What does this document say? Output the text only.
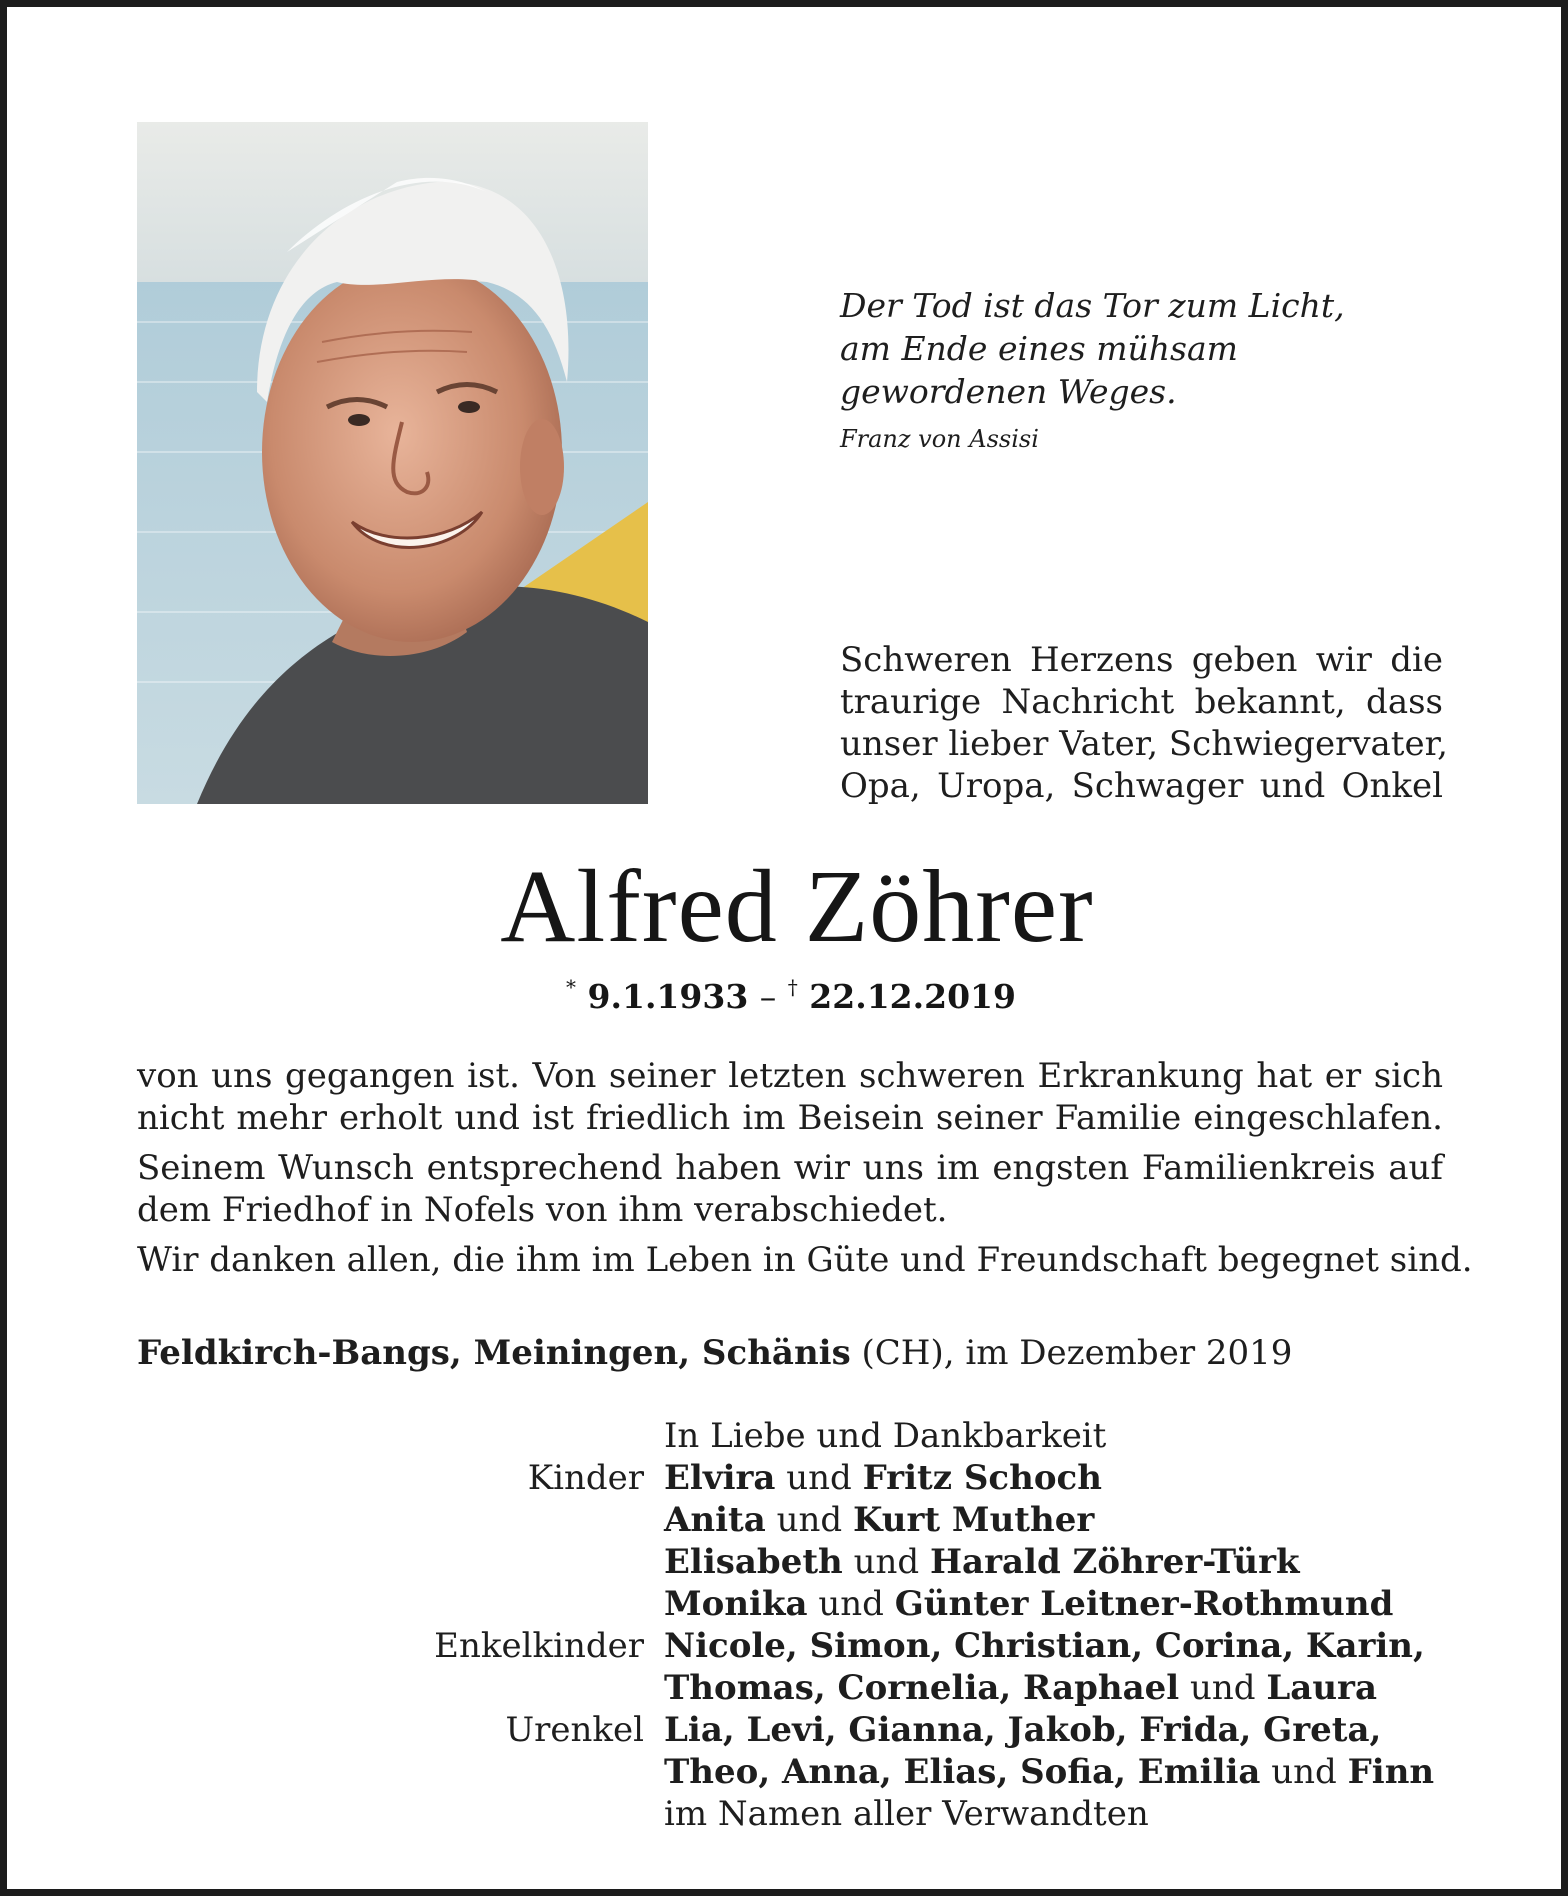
Der Tod ist das Tor zum Licht,
am Ende eines mühsam
gewordenen Weges.
Franz von Assisi
Schweren Herzens geben wir die
traurige Nachricht bekannt, dass
unser lieber Vater, Schwiegervater,
Opa, Uropa, Schwager und Onkel
Alfred Zöhrer
* 9.1.1933 – † 22.12.2019
von uns gegangen ist. Von seiner letzten schweren Erkrankung hat er sich
nicht mehr erholt und ist friedlich im Beisein seiner Familie eingeschlafen.
Seinem Wunsch entsprechend haben wir uns im engsten Familienkreis auf
dem Friedhof in Nofels von ihm verabschiedet.
Wir danken allen, die ihm im Leben in Güte und Freundschaft begegnet sind.
Feldkirch-Bangs, Meiningen, Schänis (CH), im Dezember 2019
In Liebe und Dankbarkeit
Kinder Elvira und Fritz Schoch
Anita und Kurt Muther
Elisabeth und Harald Zöhrer-Türk
Monika und Günter Leitner-Rothmund
Enkelkinder Nicole, Simon, Christian, Corina, Karin,
Thomas, Cornelia, Raphael und Laura
Urenkel Lia, Levi, Gianna, Jakob, Frida, Greta,
Theo, Anna, Elias, Sofia, Emilia und Finn
im Namen aller Verwandten
